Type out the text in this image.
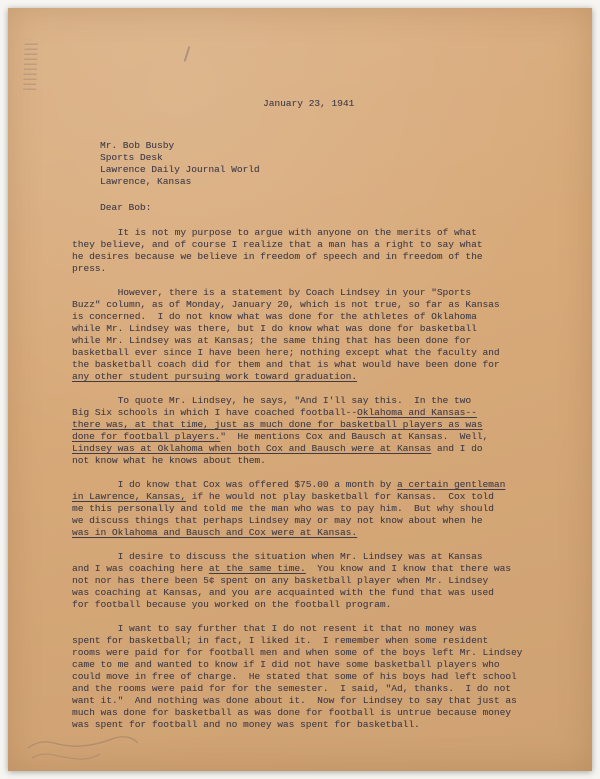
January 23, 1941
Mr. Bob Busby
Sports Desk
Lawrence Daily Journal World
Lawrence, Kansas
Dear Bob:

It is not my purpose to argue with anyone on the merits of what
they believe, and of course I realize that a man has a right to say what
he desires because we believe in freedom of speech and in freedom of the
press.

However, there is a statement by Coach Lindsey in your "Sports
Buzz" column, as of Monday, January 20, which is not true, so far as Kansas
is concerned.  I do not know what was done for the athletes of Oklahoma
while Mr. Lindsey was there, but I do know what was done for basketball
while Mr. Lindsey was at Kansas; the same thing that has been done for
basketball ever since I have been here; nothing except what the faculty and
the basketball coach did for them and that is what would have been done for
any other student pursuing work toward graduation.

To quote Mr. Lindsey, he says, "And I'll say this.  In the two
Big Six schools in which I have coached football--Oklahoma and Kansas--
there was, at that time, just as much done for basketball players as was
done for football players."  He mentions Cox and Bausch at Kansas.  Well,
Lindsey was at Oklahoma when both Cox and Bausch were at Kansas and I do
not know what he knows about them.

I do know that Cox was offered $75.00 a month by a certain gentleman
in Lawrence, Kansas, if he would not play basketball for Kansas.  Cox told
me this personally and told me the man who was to pay him.  But why should
we discuss things that perhaps Lindsey may or may not know about when he
was in Oklahoma and Bausch and Cox were at Kansas.

I desire to discuss the situation when Mr. Lindsey was at Kansas
and I was coaching here at the same time.  You know and I know that there was
not nor has there been 5¢ spent on any basketball player when Mr. Lindsey
was coaching at Kansas, and you are acquainted with the fund that was used
for football because you worked on the football program.

I want to say further that I do not resent it that no money was
spent for basketball; in fact, I liked it.  I remember when some resident
rooms were paid for for football men and when some of the boys left Mr. Lindsey
came to me and wanted to know if I did not have some basketball players who
could move in free of charge.  He stated that some of his boys had left school
and the rooms were paid for for the semester.  I said, "Ad, thanks.  I do not
want it."  And nothing was done about it.  Now for Lindsey to say that just as
much was done for basketball as was done for football is untrue because money
was spent for football and no money was spent for basketball.
